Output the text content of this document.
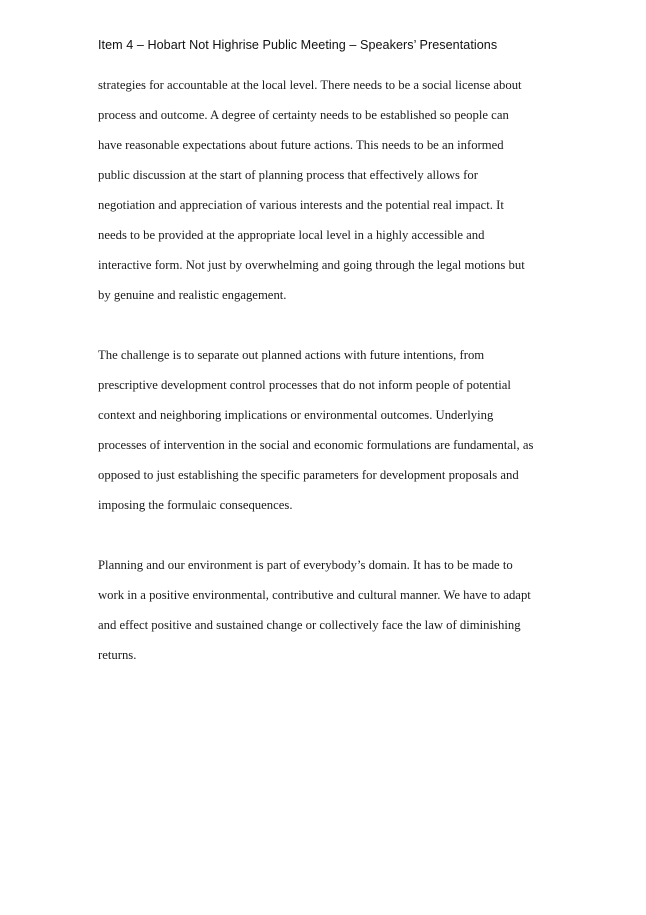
Item 4 – Hobart Not Highrise Public Meeting – Speakers’ Presentations
strategies for accountable at the local level. There needs to be a social license about
process and outcome. A degree of certainty needs to be established so people can
have reasonable expectations about future actions. This needs to be an informed
public discussion at the start of planning process that effectively allows for
negotiation and appreciation of various interests and the potential real impact. It
needs to be provided at the appropriate local level in a highly accessible and
interactive form. Not just by overwhelming and going through the legal motions but
by genuine and realistic engagement.
The challenge is to separate out planned actions with future intentions, from
prescriptive development control processes that do not inform people of potential
context and neighboring implications or environmental outcomes. Underlying
processes of intervention in the social and economic formulations are fundamental, as
opposed to just establishing the specific parameters for development proposals and
imposing the formulaic consequences.
Planning and our environment is part of everybody’s domain. It has to be made to
work in a positive environmental, contributive and cultural manner. We have to adapt
and effect positive and sustained change or collectively face the law of diminishing
returns.
